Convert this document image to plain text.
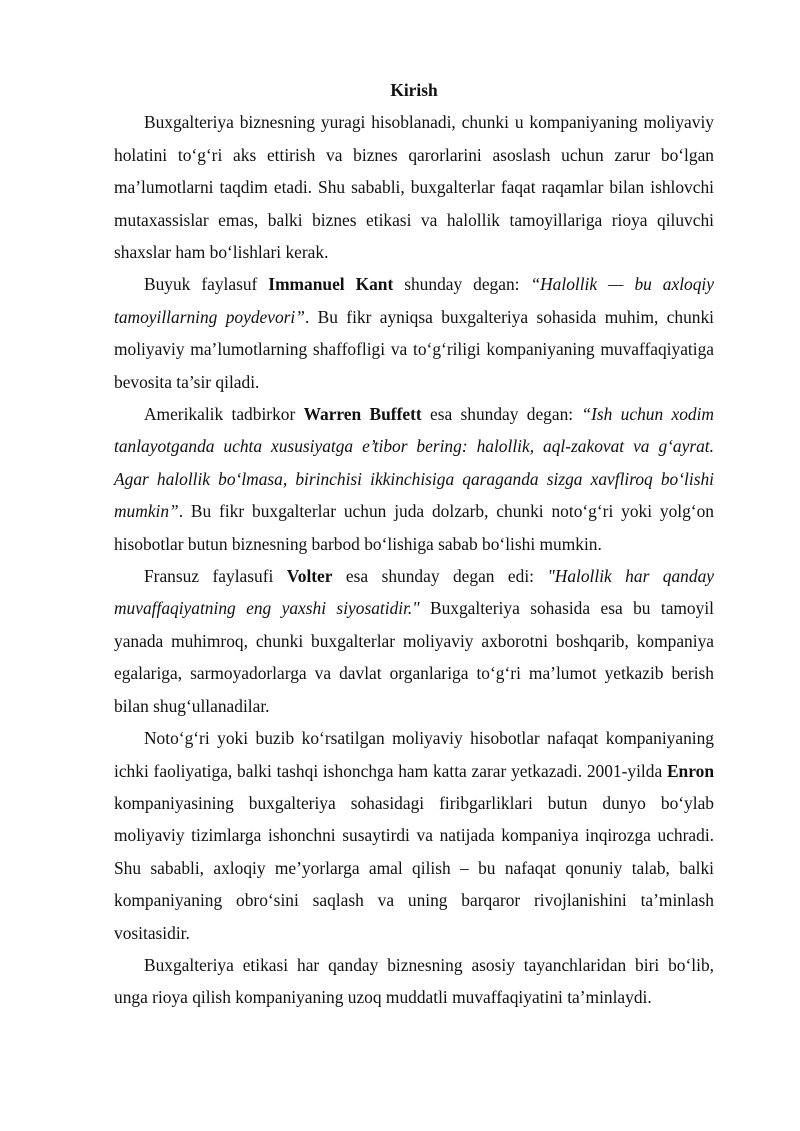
Kirish

Buxgalteriya biznesning yuragi hisoblanadi, chunki u kompaniyaning moliyaviy holatini to‘g‘ri aks ettirish va biznes qarorlarini asoslash uchun zarur bo‘lgan ma’lumotlarni taqdim etadi. Shu sababli, buxgalterlar faqat raqamlar bilan ishlovchi mutaxassislar emas, balki biznes etikasi va halollik tamoyillariga rioya qiluvchi shaxslar ham bo‘lishlari kerak.

Buyuk faylasuf Immanuel Kant shunday degan: “Halollik — bu axloqiy tamoyillarning poydevori”. Bu fikr ayniqsa buxgalteriya sohasida muhim, chunki moliyaviy ma’lumotlarning shaffofligi va to‘g‘riligi kompaniyaning muvaffaqiyatiga bevosita ta’sir qiladi.

Amerikalik tadbirkor Warren Buffett esa shunday degan: “Ish uchun xodim tanlayotganda uchta xususiyatga e’tibor bering: halollik, aql-zakovat va g‘ayrat. Agar halollik bo‘lmasa, birinchisi ikkinchisiga qaraganda sizga xavfliroq bo‘lishi mumkin”. Bu fikr buxgalterlar uchun juda dolzarb, chunki noto‘g‘ri yoki yolg‘on hisobotlar butun biznesning barbod bo‘lishiga sabab bo‘lishi mumkin.

Fransuz faylasufi Volter esa shunday degan edi: "Halollik har qanday muvaffaqiyatning eng yaxshi siyosatidir." Buxgalteriya sohasida esa bu tamoyil yanada muhimroq, chunki buxgalterlar moliyaviy axborotni boshqarib, kompaniya egalariga, sarmoyadorlarga va davlat organlariga to‘g‘ri ma’lumot yetkazib berish bilan shug‘ullanadilar.

Noto‘g‘ri yoki buzib ko‘rsatilgan moliyaviy hisobotlar nafaqat kompaniyaning ichki faoliyatiga, balki tashqi ishonchga ham katta zarar yetkazadi. 2001-yilda Enron kompaniyasining buxgalteriya sohasidagi firibgarliklari butun dunyo bo‘ylab moliyaviy tizimlarga ishonchni susaytirdi va natijada kompaniya inqirozga uchradi. Shu sababli, axloqiy me’yorlarga amal qilish – bu nafaqat qonuniy talab, balki kompaniyaning obro‘sini saqlash va uning barqaror rivojlanishini ta’minlash vositasidir.

Buxgalteriya etikasi har qanday biznesning asosiy tayanchlaridan biri bo‘lib, unga rioya qilish kompaniyaning uzoq muddatli muvaffaqiyatini ta’minlaydi.
